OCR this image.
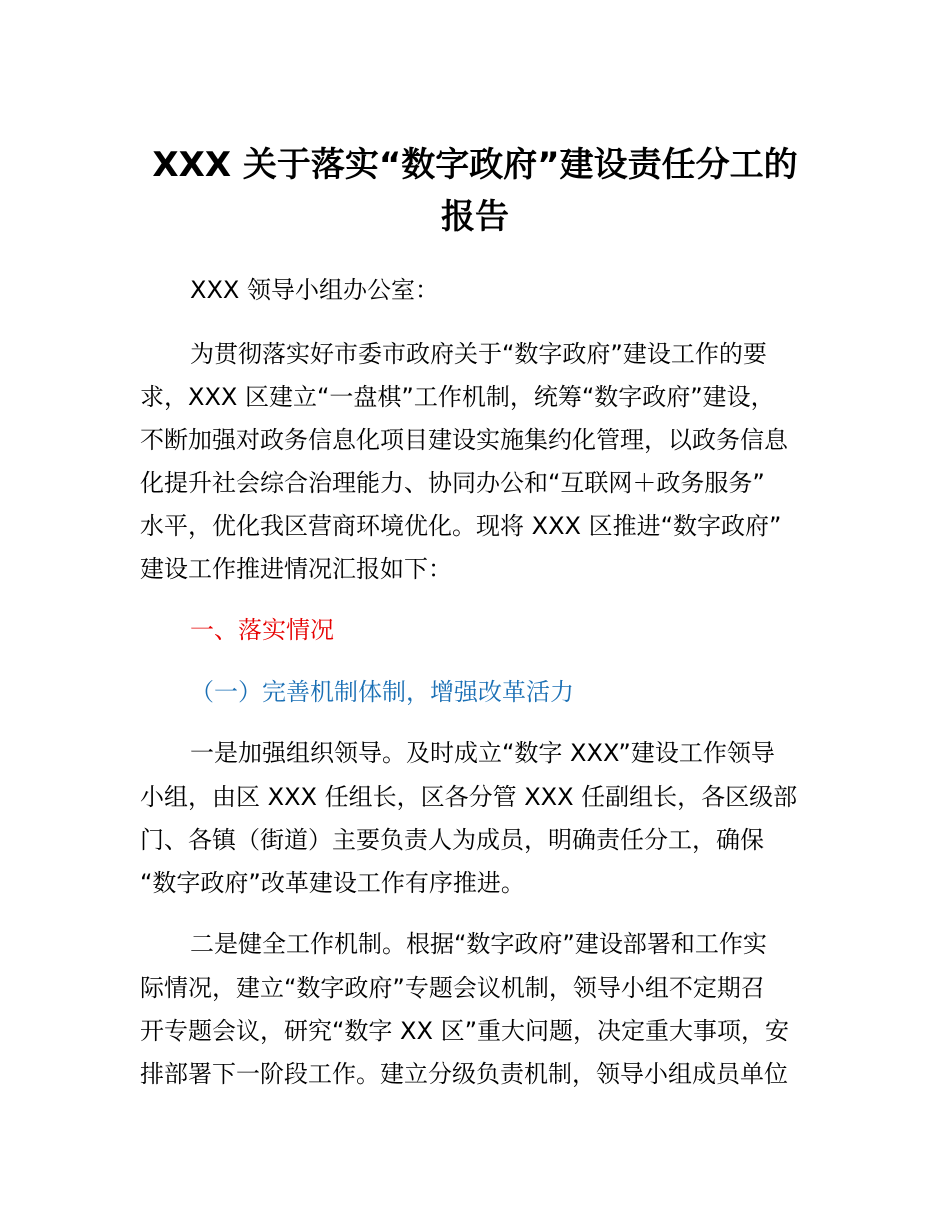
XXX 关于落实“数字政府”建设责任分工的
报告

XXX 领导小组办公室：

为贯彻落实好市委市政府关于“数字政府”建设工作的要

求，XXX 区建立“一盘棋”工作机制，统筹“数字政府”建设，

不断加强对政务信息化项目建设实施集约化管理，以政务信息

化提升社会综合治理能力、协同办公和“互联网＋政务服务”

水平，优化我区营商环境优化。现将 XXX 区推进“数字政府”

建设工作推进情况汇报如下：

一、落实情况

（一）完善机制体制，增强改革活力

一是加强组织领导。及时成立“数字 XXX”建设工作领导

小组，由区 XXX 任组长，区各分管 XXX 任副组长，各区级部

门、各镇（街道）主要负责人为成员，明确责任分工，确保

“数字政府”改革建设工作有序推进。

二是健全工作机制。根据“数字政府”建设部署和工作实

际情况，建立“数字政府”专题会议机制，领导小组不定期召

开专题会议，研究“数字 XX 区”重大问题，决定重大事项，安

排部署下一阶段工作。建立分级负责机制，领导小组成员单位
